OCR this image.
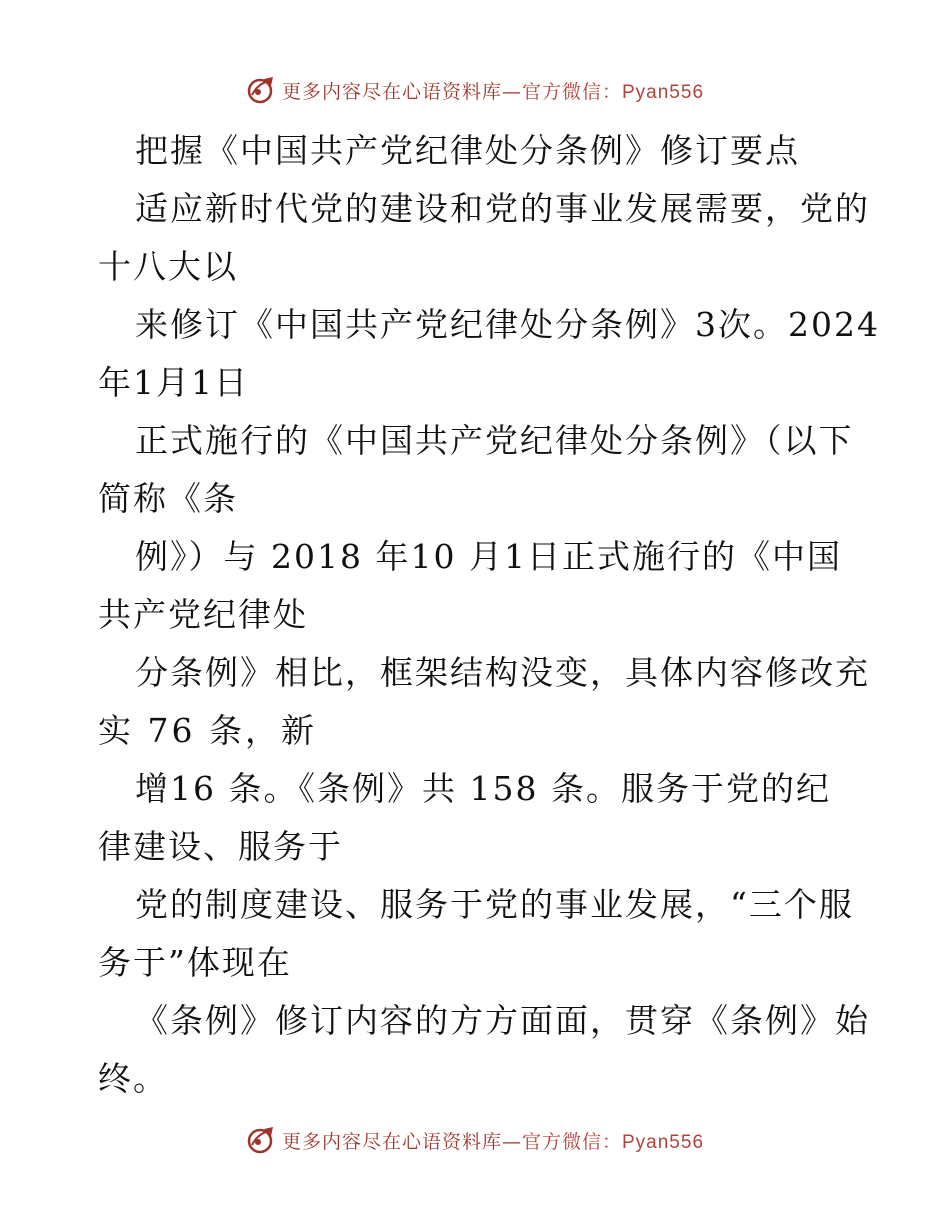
更多内容尽在心语资料库—官方微信：Pyan556
把握《中国共产党纪律处分条例》修订要点
适应新时代党的建设和党的事业发展需要，党的
十八大以
来修订《中国共产党纪律处分条例》3次。2024
年1月1日
正式施行的《中国共产党纪律处分条例》（以下
简称《条
例》）与 2018 年10 月1日正式施行的《中国
共产党纪律处
分条例》相比，框架结构没变，具体内容修改充
实 76 条，新
增16 条。《条例》共 158 条。服务于党的纪
律建设、服务于
党的制度建设、服务于党的事业发展，“三个服
务于”体现在
《条例》修订内容的方方面面，贯穿《条例》始
终。
更多内容尽在心语资料库—官方微信：Pyan556
